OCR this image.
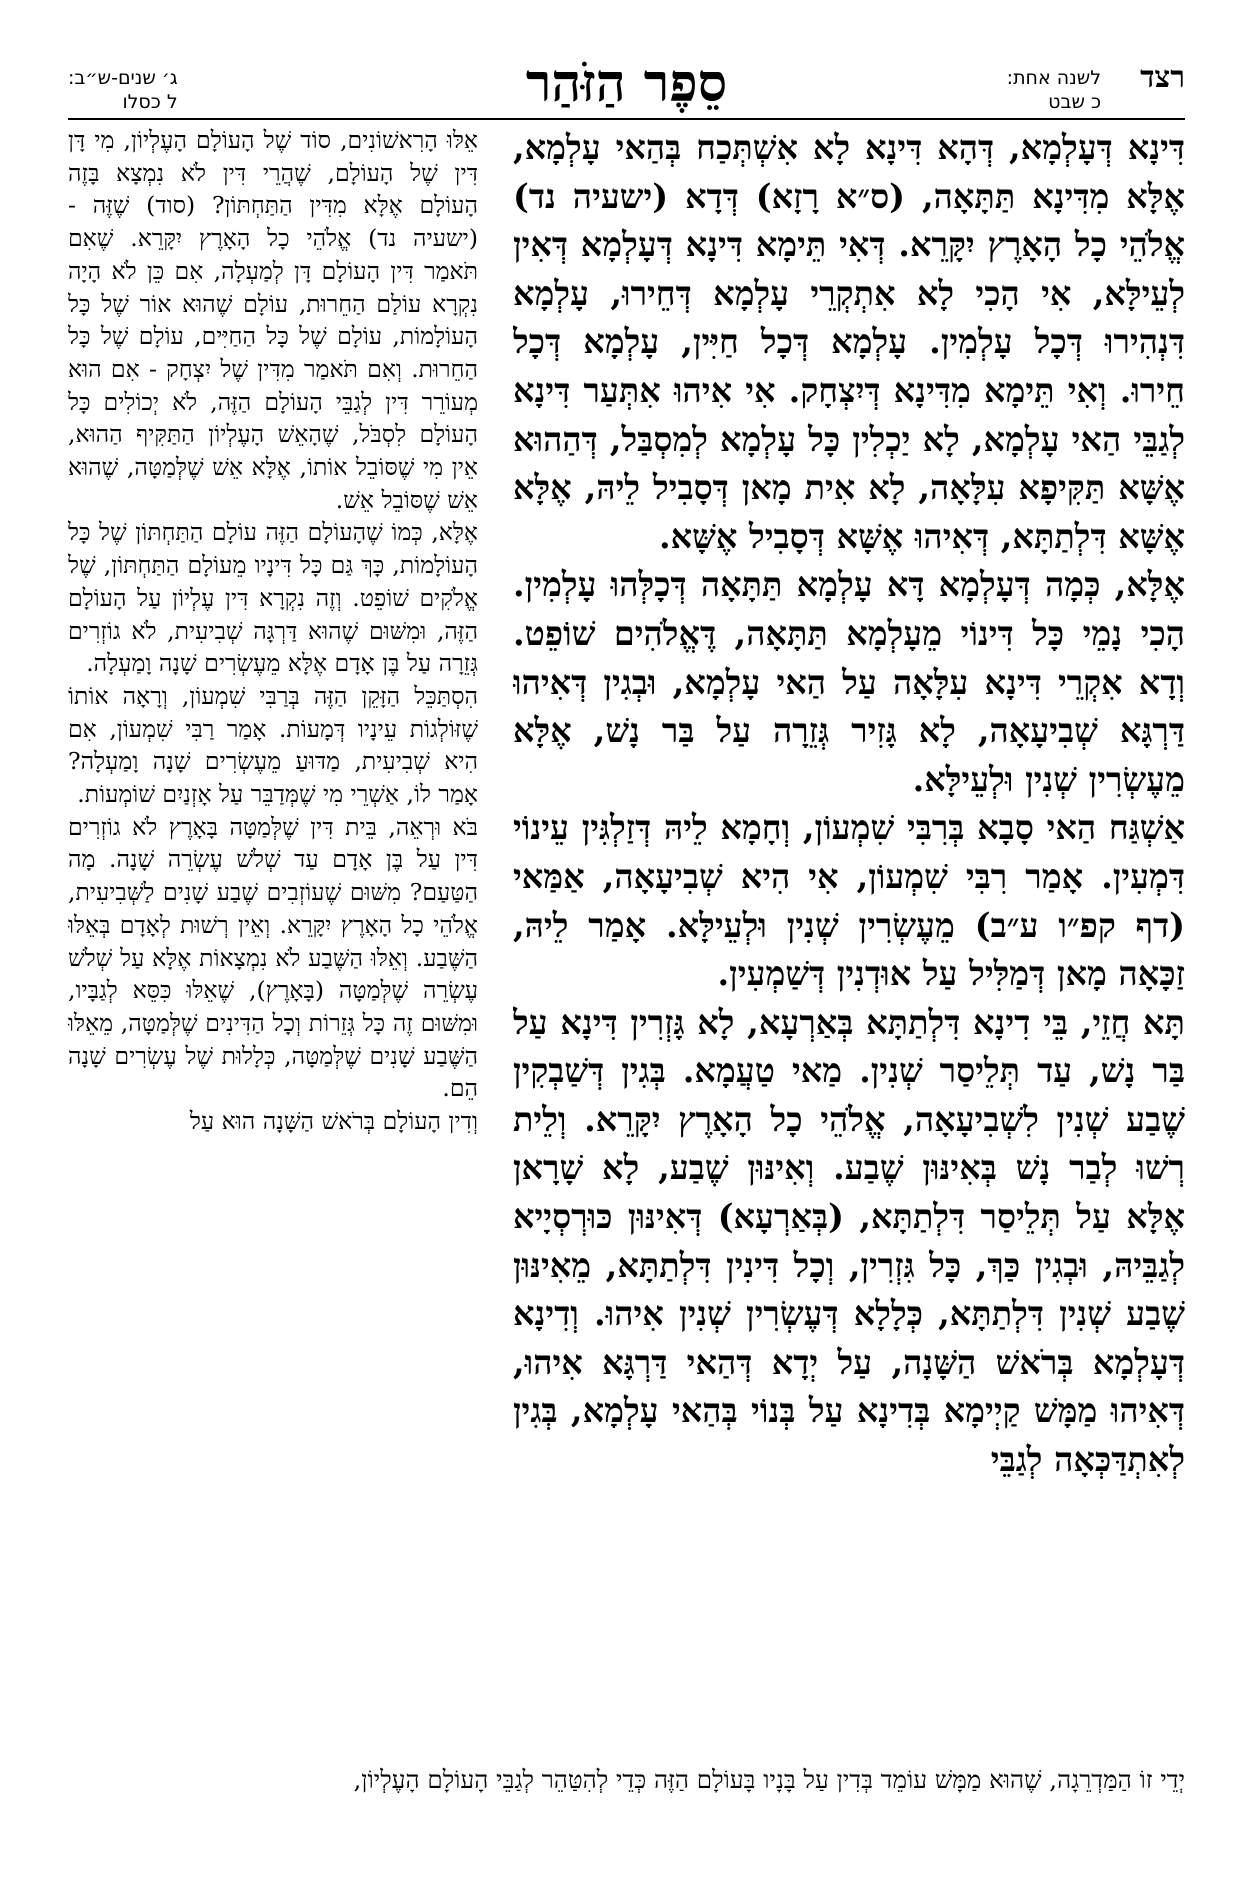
רצד
לשנה אחת:
כ שבט
סֵפֶר הַזֹּהַר
ג׳ שנים-ש״ב:
ל כסלו

דִּינָא דְּעָלְמָא, דְּהָא דִּינָא לָא אִשְׁתְּכַח בְּהַאי עָלְמָא, אֶלָּא מִדִּינָא תַּתָּאָה, (ס״א רָזָא) דְּדָא (ישעיה נד) אֱלֹהֵי כָל הָאָרֶץ יִקָּרֵא. דְּאִי תֵּימָא דִּינָא דְּעָלְמָא דְּאִין לְעֵילָּא, אִי הָכִי לָא אִתְקְרֵי עָלְמָא דְּחֵירוּ, עָלְמָא דִּנְהִירוּ דְּכָל עָלְמִין. עָלְמָא דְּכָל חַיִּין, עָלְמָא דְּכָל חֵירוּ. וְאִי תֵּימָא מִדִּינָא דְּיִצְחָק. אִי אִיהוּ אִתְּעַר דִּינָא לְגַבֵּי הַאי עָלְמָא, לָא יַכְלִין כָּל עָלְמָא לְמִסְבַּל, דְּהַהוּא אֶשָּׁא תַּקִּיפָא עִלָּאָה, לָא אִית מָאן דְּסָבִיל לֵיהּ, אֶלָּא אֶשָּׁא דִּלְתַתָּא, דְּאִיהוּ אֶשָּׁא דְּסָבִיל אֶשָּׁא.

אֶלָּא, כְּמָה דְּעָלְמָא דָּא עָלְמָא תַּתָּאָה דְּכָלְּהוּ עָלְמִין. הָכִי נָמֵי כָּל דִּינוֹי מֵעָלְמָא תַּתָּאָה, דֶּאֱלֹהִים שׁוֹפֵט. וְדָא אִקְרֵי דִּינָא עִלָּאָה עַל הַאי עָלְמָא, וּבְגִין דְּאִיהוּ דַּרְגָּא שְׁבִיעָאָה, לָא גָּזִיר גְּזֵרָה עַל בַּר נָשׁ, אֶלָּא מֵעֶשְׂרִין שְׁנִין וּלְעֵילָּא.

אַשְׁגַּח הַאי סָבָא בְּרִבִּי שִׁמְעוֹן, וְחָמָא לֵיהּ דְּזַלְגִּין עֵינוֹי דִּמְעִין. אָמַר רִבִּי שִׁמְעוֹן, אִי הִיא שְׁבִיעָאָה, אַמַּאי (דף קפ״ו ע״ב) מֵעֶשְׂרִין שְׁנִין וּלְעֵילָּא. אָמַר לֵיהּ, זַכָּאָה מָאן דְּמַלִּיל עַל אוּדְנִין דְּשַׁמְעִין.

תָּא חֲזֵי, בֵּי דִינָא דִּלְתַתָּא בְּאַרְעָא, לָא גָּזְרִין דִּינָא עַל בַּר נָשׁ, עַד תְּלֵיסַר שְׁנִין. מַאי טַעֲמָא. בְּגִין דְּשַׁבְקִין שֶׁבַע שְׁנִין לִשְׁבִיעָאָה, אֱלֹהֵי כָל הָאָרֶץ יִקָּרֵא. וְלֵית רְשׁוּ לְבַר נָשׁ בְּאִינּוּן שֶׁבַע. וְאִינּוּן שֶׁבַע, לָא שָׁרָאן אֶלָּא עַל תְּלֵיסַר דִּלְתַתָּא, (בְּאַרְעָא) דְּאִינּוּן כּוּרְסְיָיא לְגַבֵּיהּ, וּבְגִין כַּךְ, כָּל גִּזְרִין, וְכָל דִּינִין דִּלְתַתָּא, מֵאִינּוּן שֶׁבַע שְׁנִין דִּלְתַתָּא, כְּלָלָא דְּעֶשְׂרִין שְׁנִין אִיהוּ. וְדִינָא דְּעָלְמָא בְּרֹאשׁ הַשָּׁנָה, עַל יְדָא דְּהַאי דַּרְגָּא אִיהוּ, דְּאִיהוּ מַמָּשׁ קַיְימָא בְּדִינָא עַל בְּנוֹי בְּהַאי עָלְמָא, בְּגִין לְאִתְדַּכְּאָה לְגַבֵּי

אֵלּוּ הָרִאשׁוֹנִים, סוֹד שֶׁל הָעוֹלָם הָעֶלְיוֹן, מִי דָּן דִּין שֶׁל הָעוֹלָם, שֶׁהֲרֵי דִּין לֹא נִמְצָא בָּזֶה הָעוֹלָם אֶלָּא מִדִּין הַתַּחְתּוֹן? (סוד) שֶׁזֶּה - (ישעיה נד) אֱלֹהֵי כָל הָאָרֶץ יִקָּרֵא. שֶׁאִם תֹּאמַר דִּין הָעוֹלָם דָּן לְמַעְלָה, אִם כֵּן לֹא הָיָה נִקְרָא עוֹלַם הַחֵרוּת, עוֹלָם שֶׁהוּא אוֹר שֶׁל כָּל הָעוֹלָמוֹת, עוֹלָם שֶׁל כָּל הַחַיִּים, עוֹלָם שֶׁל כָּל הַחֵרוּת. וְאִם תֹּאמַר מִדִּין שֶׁל יִצְחָק - אִם הוּא מְעוֹרֵר דִּין לְגַבֵּי הָעוֹלָם הַזֶּה, לֹא יְכוֹלִים כָּל הָעוֹלָם לִסְבֹּל, שֶׁהָאֵשׁ הָעֶלְיוֹן הַתַּקִּיף הַהוּא, אֵין מִי שֶׁסּוֹבֵל אוֹתוֹ, אֶלָּא אֵשׁ שֶׁלְּמַטָּה, שֶׁהוּא אֵשׁ שֶׁסּוֹבֵל אֵשׁ.

אֶלָּא, כְּמוֹ שֶׁהָעוֹלָם הַזֶּה עוֹלָם הַתַּחְתּוֹן שֶׁל כָּל הָעוֹלָמוֹת, כָּךְ גַּם כָּל דִּינָיו מֵעוֹלָם הַתַּחְתּוֹן, שֶׁל אֱלֹקִים שׁוֹפֵט. וְזֶה נִקְרָא דִּין עֶלְיוֹן עַל הָעוֹלָם הַזֶּה, וּמִשּׁוּם שֶׁהוּא דַּרְגָּה שְׁבִיעִית, לֹא גוֹזְרִים גְּזֵרָה עַל בֶּן אָדָם אֶלָּא מֵעֶשְׂרִים שָׁנָה וָמַעְלָה.

הִסְתַּכֵּל הַזָּקֵן הַזֶּה בְּרַבִּי שִׁמְעוֹן, וְרָאָה אוֹתוֹ שֶׁזּוֹלְגוֹת עֵינָיו דְּמָעוֹת. אָמַר רַבִּי שִׁמְעוֹן, אִם הִיא שְׁבִיעִית, מַדּוּעַ מֵעֶשְׂרִים שָׁנָה וָמַעְלָה? אָמַר לוֹ, אַשְׁרֵי מִי שֶׁמְּדַבֵּר עַל אָזְנַיִם שׁוֹמְעוֹת.

בֹּא וּרְאֵה, בֵּית דִּין שֶׁלְּמַטָּה בָּאָרֶץ לֹא גוֹזְרִים דִּין עַל בֶּן אָדָם עַד שְׁלֹשׁ עֶשְׂרֵה שָׁנָה. מָה הַטַּעַם? מִשּׁוּם שֶׁעוֹזְבִים שֶׁבַע שָׁנִים לַשְּׁבִיעִית, אֱלֹהֵי כָל הָאָרֶץ יִקָּרֵא. וְאֵין רְשׁוּת לְאָדָם בְּאֵלּוּ הַשֶּׁבַע. וְאֵלּוּ הַשֶּׁבַע לֹא נִמְצָאוֹת אֶלָּא עַל שְׁלֹשׁ עֶשְׂרֵה שֶׁלְּמַטָּה (בָּאָרֶץ), שֶׁאֵלּוּ כִּסֵּא לְגַבָּיו, וּמִשּׁוּם זֶה כָּל גְּזֵרוֹת וְכָל הַדִּינִים שֶׁלְּמַטָּה, מֵאֵלּוּ הַשֶּׁבַע שָׁנִים שֶׁלְּמַטָּה, כְּלָלוּת שֶׁל עֶשְׂרִים שָׁנָה הֵם.

וְדִין הָעוֹלָם בְּרֹאשׁ הַשָּׁנָה הוּא עַל

יְדֵי זוֹ הַמַּדְרֵגָה, שֶׁהוּא מַמָּשׁ עוֹמֵד בְּדִין עַל בָּנָיו בָּעוֹלָם הַזֶּה כְּדֵי לְהִטַּהֵר לְגַבֵּי הָעוֹלָם הָעֶלְיוֹן,
